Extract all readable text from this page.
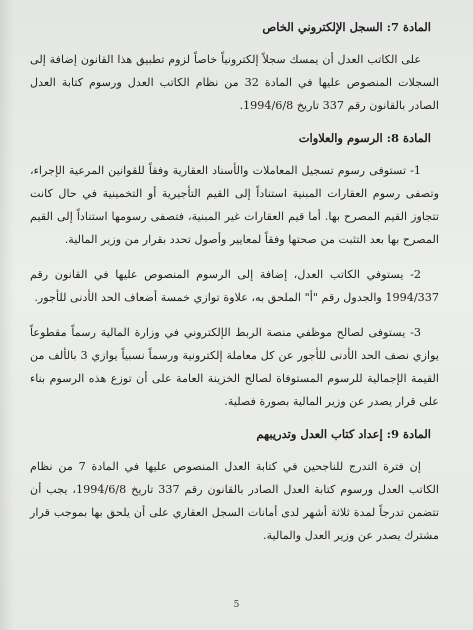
المادة 7: السجل الإلكتروني الخاص

على الكاتب العدل أن يمسك سجلاً إلكترونياً خاصاً لزوم تطبيق هذا القانون إضافة إلى السجلات المنصوص عليها في المادة 32 من نظام الكاتب العدل ورسوم كتابة العدل الصادر بالقانون رقم 337 تاريخ 1994/6/8.

المادة 8: الرسوم والعلاوات

1- تستوفى رسوم تسجيل المعاملات والأسناد العقارية وفقاً للقوانين المرعية الإجراء، وتصفى رسوم العقارات المبنية استناداً إلى القيم التأجيرية أو التخمينية في حال كانت تتجاوز القيم المصرح بها. أما قيم العقارات غير المبنية، فتصفى رسومها استناداً إلى القيم المصرح بها بعد التثبت من صحتها وفقاً لمعايير وأصول تحدد بقرار من وزير المالية.

2- يستوفي الكاتب العدل، إضافة إلى الرسوم المنصوص عليها في القانون رقم 1994/337 والجدول رقم "أ" الملحق به، علاوة توازي خمسة أضعاف الحد الأدنى للأجور.

3- يستوفى لصالح موظفي منصة الربط الإلكتروني في وزارة المالية رسماً مقطوعاً يوازي نصف الحد الأدنى للأجور عن كل معاملة إلكترونية ورسماً نسبياً يوازي 3 بالألف من القيمة الإجمالية للرسوم المستوفاة لصالح الخزينة العامة على أن توزع هذه الرسوم بناء على قرار يصدر عن وزير المالية بصورة فصلية.

المادة 9: إعداد كتاب العدل وتدريبهم

إن فترة التدرج للناجحين في كتابة العدل المنصوص عليها في المادة 7 من نظام الكاتب العدل ورسوم كتابة العدل الصادر بالقانون رقم 337 تاريخ 1994/6/8، يجب أن تتضمن تدرجاً لمدة ثلاثة أشهر لدى أمانات السجل العقاري على أن يلحق بها بموجب قرار مشترك يصدر عن وزير العدل والمالية.

5
